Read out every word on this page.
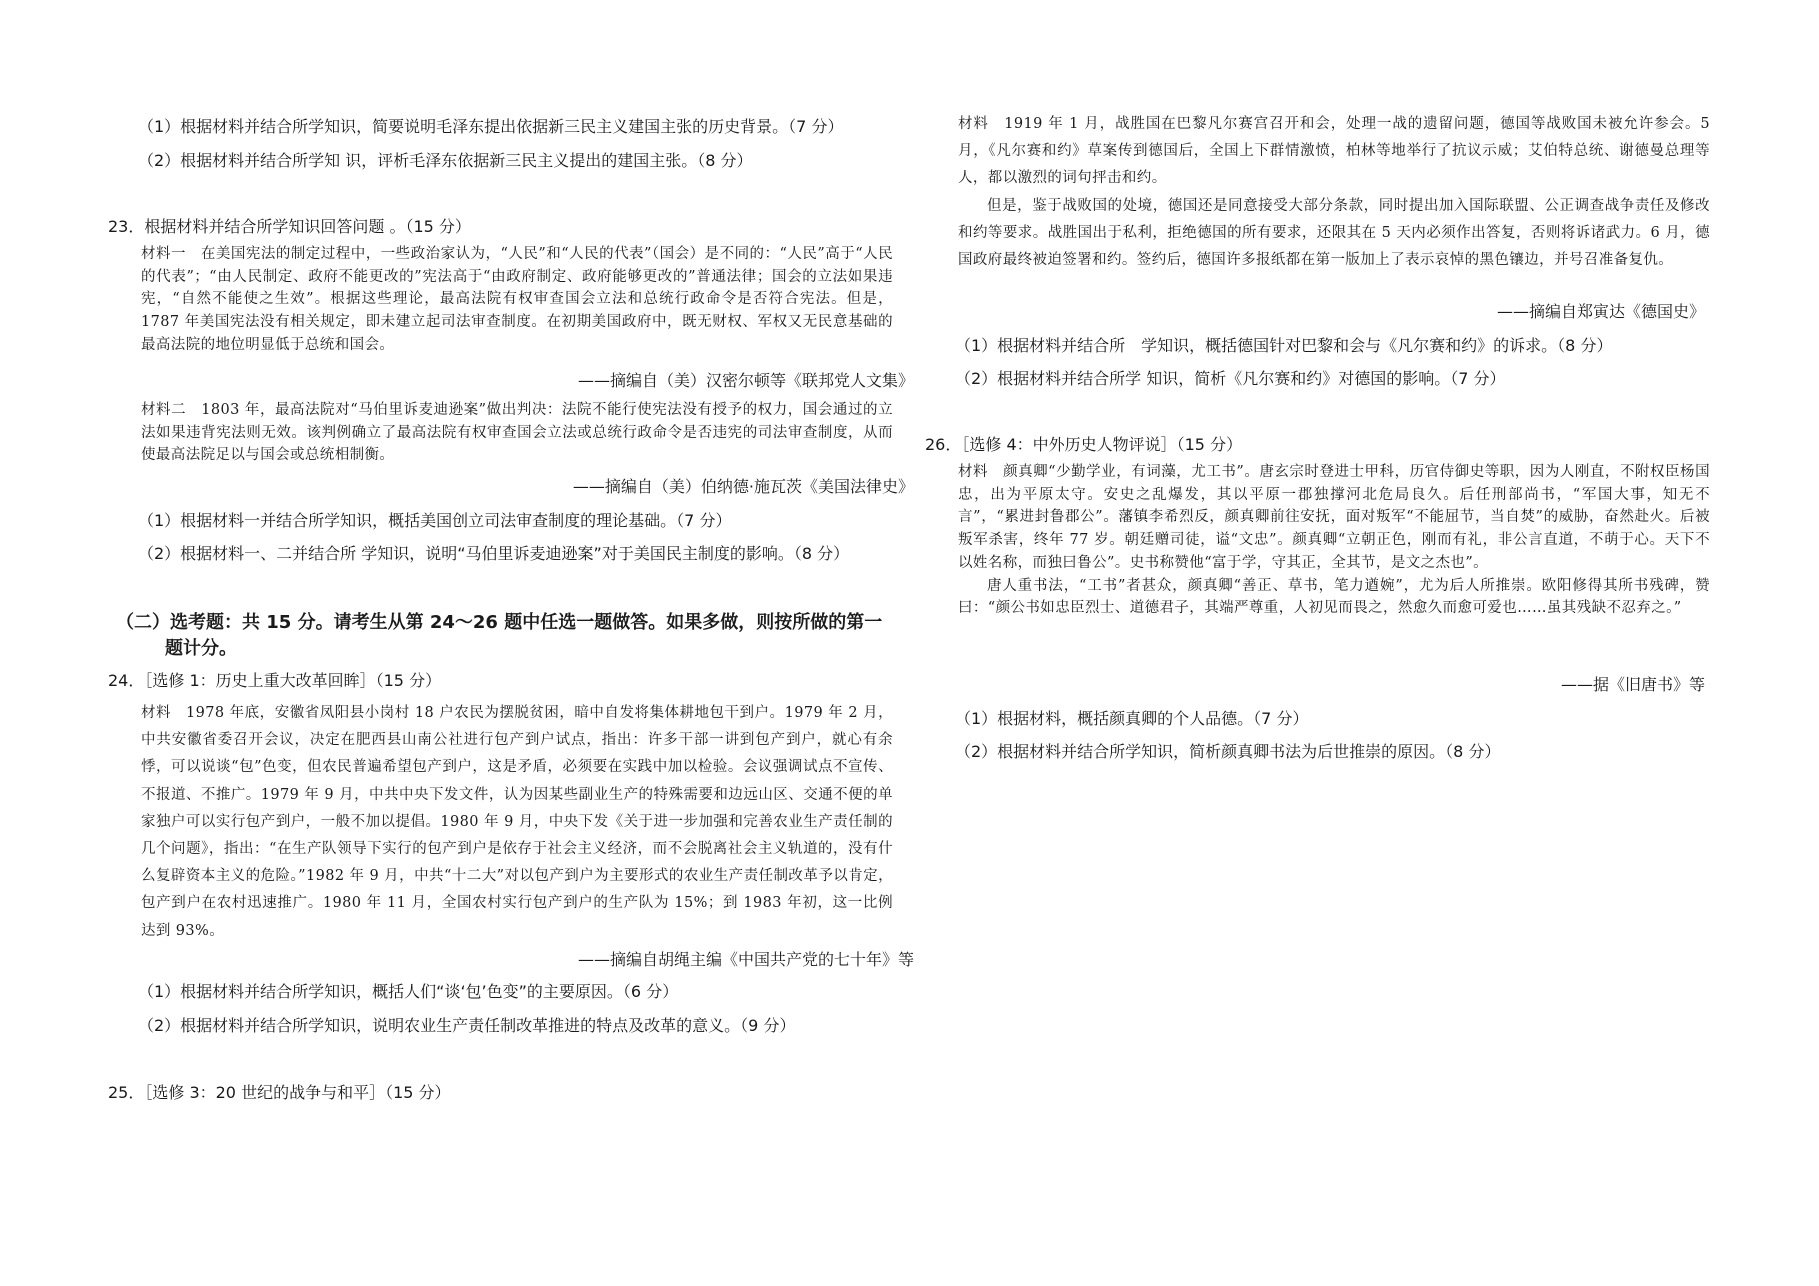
（1）根据材料并结合所学知识，简要说明毛泽东提出依据新三民主义建国主张的历史背景。（7 分）
（2）根据材料并结合所学知 识，评析毛泽东依据新三民主义提出的建国主张。（8 分）
23．根据材料并结合所学知识回答问题 。（15 分）

材料一　在美国宪法的制定过程中，一些政治家认为，“人民”和“人民的代表”（国会）是不同的：“人民”高于“人民的代表”；“由人民制定、政府不能更改的”宪法高于“由政府制定、政府能够更改的”普通法律；国会的立法如果违宪，“自然不能使之生效”。根据这些理论，最高法院有权审查国会立法和总统行政命令是否符合宪法。但是，1787 年美国宪法没有相关规定，即未建立起司法审查制度。在初期美国政府中，既无财权、军权又无民意基础的最高法院的地位明显低于总统和国会。

——摘编自（美）汉密尔顿等《联邦党人文集》

材料二　1803 年，最高法院对“马伯里诉麦迪逊案”做出判决：法院不能行使宪法没有授予的权力，国会通过的立法如果违背宪法则无效。该判例确立了最高法院有权审查国会立法或总统行政命令是否违宪的司法审查制度，从而使最高法院足以与国会或总统相制衡。

——摘编自（美）伯纳德·施瓦茨《美国法律史》
（1）根据材料一并结合所学知识，概括美国创立司法审查制度的理论基础。（7 分）
（2）根据材料一、二并结合所 学知识，说明“马伯里诉麦迪逊案”对于美国民主制度的影响。（8 分）
（二）选考题：共 15 分。请考生从第 24～26 题中任选一题做答。如果多做，则按所做的第一
题计分。
24．［选修 1：历史上重大改革回眸］（15 分）

材料　1978 年底，安徽省凤阳县小岗村 18 户农民为摆脱贫困，暗中自发将集体耕地包干到户。1979 年 2 月，中共安徽省委召开会议，决定在肥西县山南公社进行包产到户试点，指出：许多干部一讲到包产到户，就心有余悸，可以说谈“包”色变，但农民普遍希望包产到户，这是矛盾，必须要在实践中加以检验。会议强调试点不宣传、不报道、不推广。1979 年 9 月，中共中央下发文件，认为因某些副业生产的特殊需要和边远山区、交通不便的单家独户可以实行包产到户，一般不加以提倡。1980 年 9 月，中央下发《关于进一步加强和完善农业生产责任制的几个问题》，指出：“在生产队领导下实行的包产到户是依存于社会主义经济，而不会脱离社会主义轨道的，没有什么复辟资本主义的危险。”1982 年 9 月，中共“十二大”对以包产到户为主要形式的农业生产责任制改革予以肯定，包产到户在农村迅速推广。1980 年 11 月，全国农村实行包产到户的生产队为 15%；到 1983 年初，这一比例达到 93%。

——摘编自胡绳主编《中国共产党的七十年》等
（1）根据材料并结合所学知识，概括人们“谈‘包’色变”的主要原因。（6 分）
（2）根据材料并结合所学知识，说明农业生产责任制改革推进的特点及改革的意义。（9 分）
25．［选修 3：20 世纪的战争与和平］（15 分）

材料　1919 年 1 月，战胜国在巴黎凡尔赛宫召开和会，处理一战的遗留问题，德国等战败国未被允许参会。5 月，《凡尔赛和约》草案传到德国后，全国上下群情激愤，柏林等地举行了抗议示威；艾伯特总统、谢德曼总理等人，都以激烈的词句抨击和约。

但是，鉴于战败国的处境，德国还是同意接受大部分条款，同时提出加入国际联盟、公正调查战争责任及修改和约等要求。战胜国出于私利，拒绝德国的所有要求，还限其在 5 天内必须作出答复，否则将诉诸武力。6 月，德国政府最终被迫签署和约。签约后，德国许多报纸都在第一版加上了表示哀悼的黑色镶边，并号召准备复仇。

——摘编自郑寅达《德国史》
（1）根据材料并结合所　学知识，概括德国针对巴黎和会与《凡尔赛和约》的诉求。（8 分）
（2）根据材料并结合所学 知识，简析《凡尔赛和约》对德国的影响。（7 分）
26．［选修 4：中外历史人物评说］（15 分）

材料　颜真卿“少勤学业，有词藻，尤工书”。唐玄宗时登进士甲科，历官侍御史等职，因为人刚直，不附权臣杨国忠，出为平原太守。安史之乱爆发，其以平原一郡独撑河北危局良久。后任刑部尚书，“军国大事，知无不言”，“累进封鲁郡公”。藩镇李希烈反，颜真卿前往安抚，面对叛军“不能屈节，当自焚”的威胁，奋然赴火。后被叛军杀害，终年 77 岁。朝廷赠司徒，谥“文忠”。颜真卿“立朝正色，刚而有礼，非公言直道，不萌于心。天下不以姓名称，而独曰鲁公”。史书称赞他“富于学，守其正，全其节，是文之杰也”。

唐人重书法，“工书”者甚众，颜真卿“善正、草书，笔力遒婉”，尤为后人所推崇。欧阳修得其所书残碑，赞曰：“颜公书如忠臣烈士、道德君子，其端严尊重，人初见而畏之，然愈久而愈可爱也……虽其残缺不忍弃之。”

——据《旧唐书》等
（1）根据材料，概括颜真卿的个人品德。（7 分）
（2）根据材料并结合所学知识，简析颜真卿书法为后世推崇的原因。（8 分）
